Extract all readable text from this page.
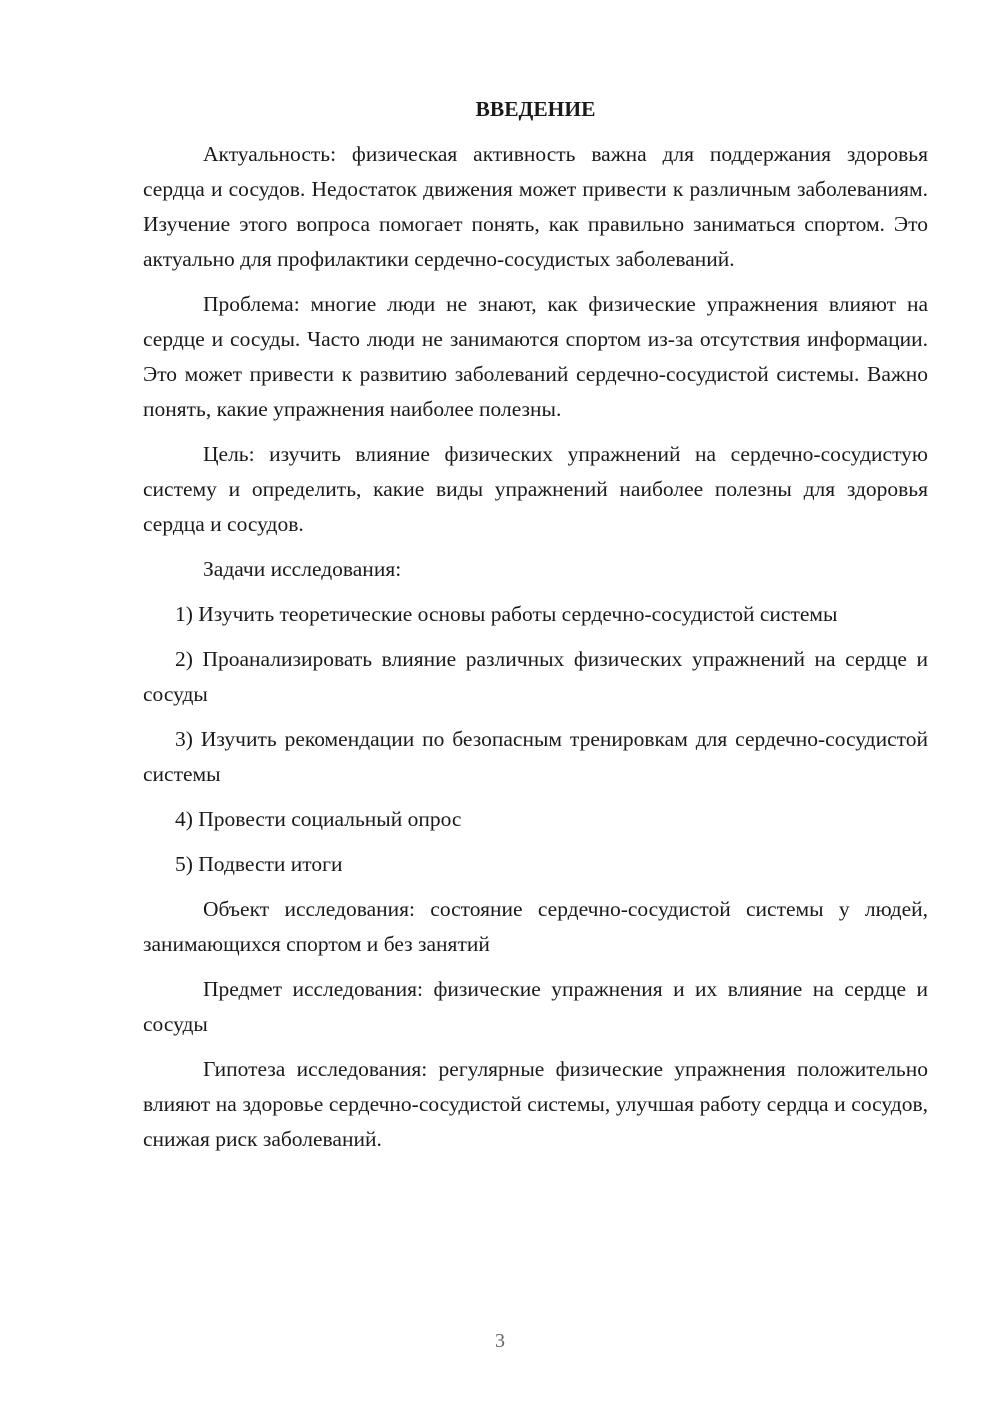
ВВЕДЕНИЕ

Актуальность: физическая активность важна для поддержания здоровья сердца и сосудов. Недостаток движения может привести к различным заболеваниям. Изучение этого вопроса помогает понять, как правильно заниматься спортом. Это актуально для профилактики сердечно-сосудистых заболеваний.

Проблема: многие люди не знают, как физические упражнения влияют на сердце и сосуды. Часто люди не занимаются спортом из-за отсутствия информации. Это может привести к развитию заболеваний сердечно-сосудистой системы. Важно понять, какие упражнения наиболее полезны.

Цель: изучить влияние физических упражнений на сердечно-сосудистую систему и определить, какие виды упражнений наиболее полезны для здоровья сердца и сосудов.

Задачи исследования:

1) Изучить теоретические основы работы сердечно-сосудистой системы

2) Проанализировать влияние различных физических упражнений на сердце и сосуды

3) Изучить рекомендации по безопасным тренировкам для сердечно-сосудистой системы

4) Провести социальный опрос

5) Подвести итоги

Объект исследования: состояние сердечно-сосудистой системы у людей, занимающихся спортом и без занятий

Предмет исследования: физические упражнения и их влияние на сердце и сосуды

Гипотеза исследования: регулярные физические упражнения положительно влияют на здоровье сердечно-сосудистой системы, улучшая работу сердца и сосудов, снижая риск заболеваний.

3
